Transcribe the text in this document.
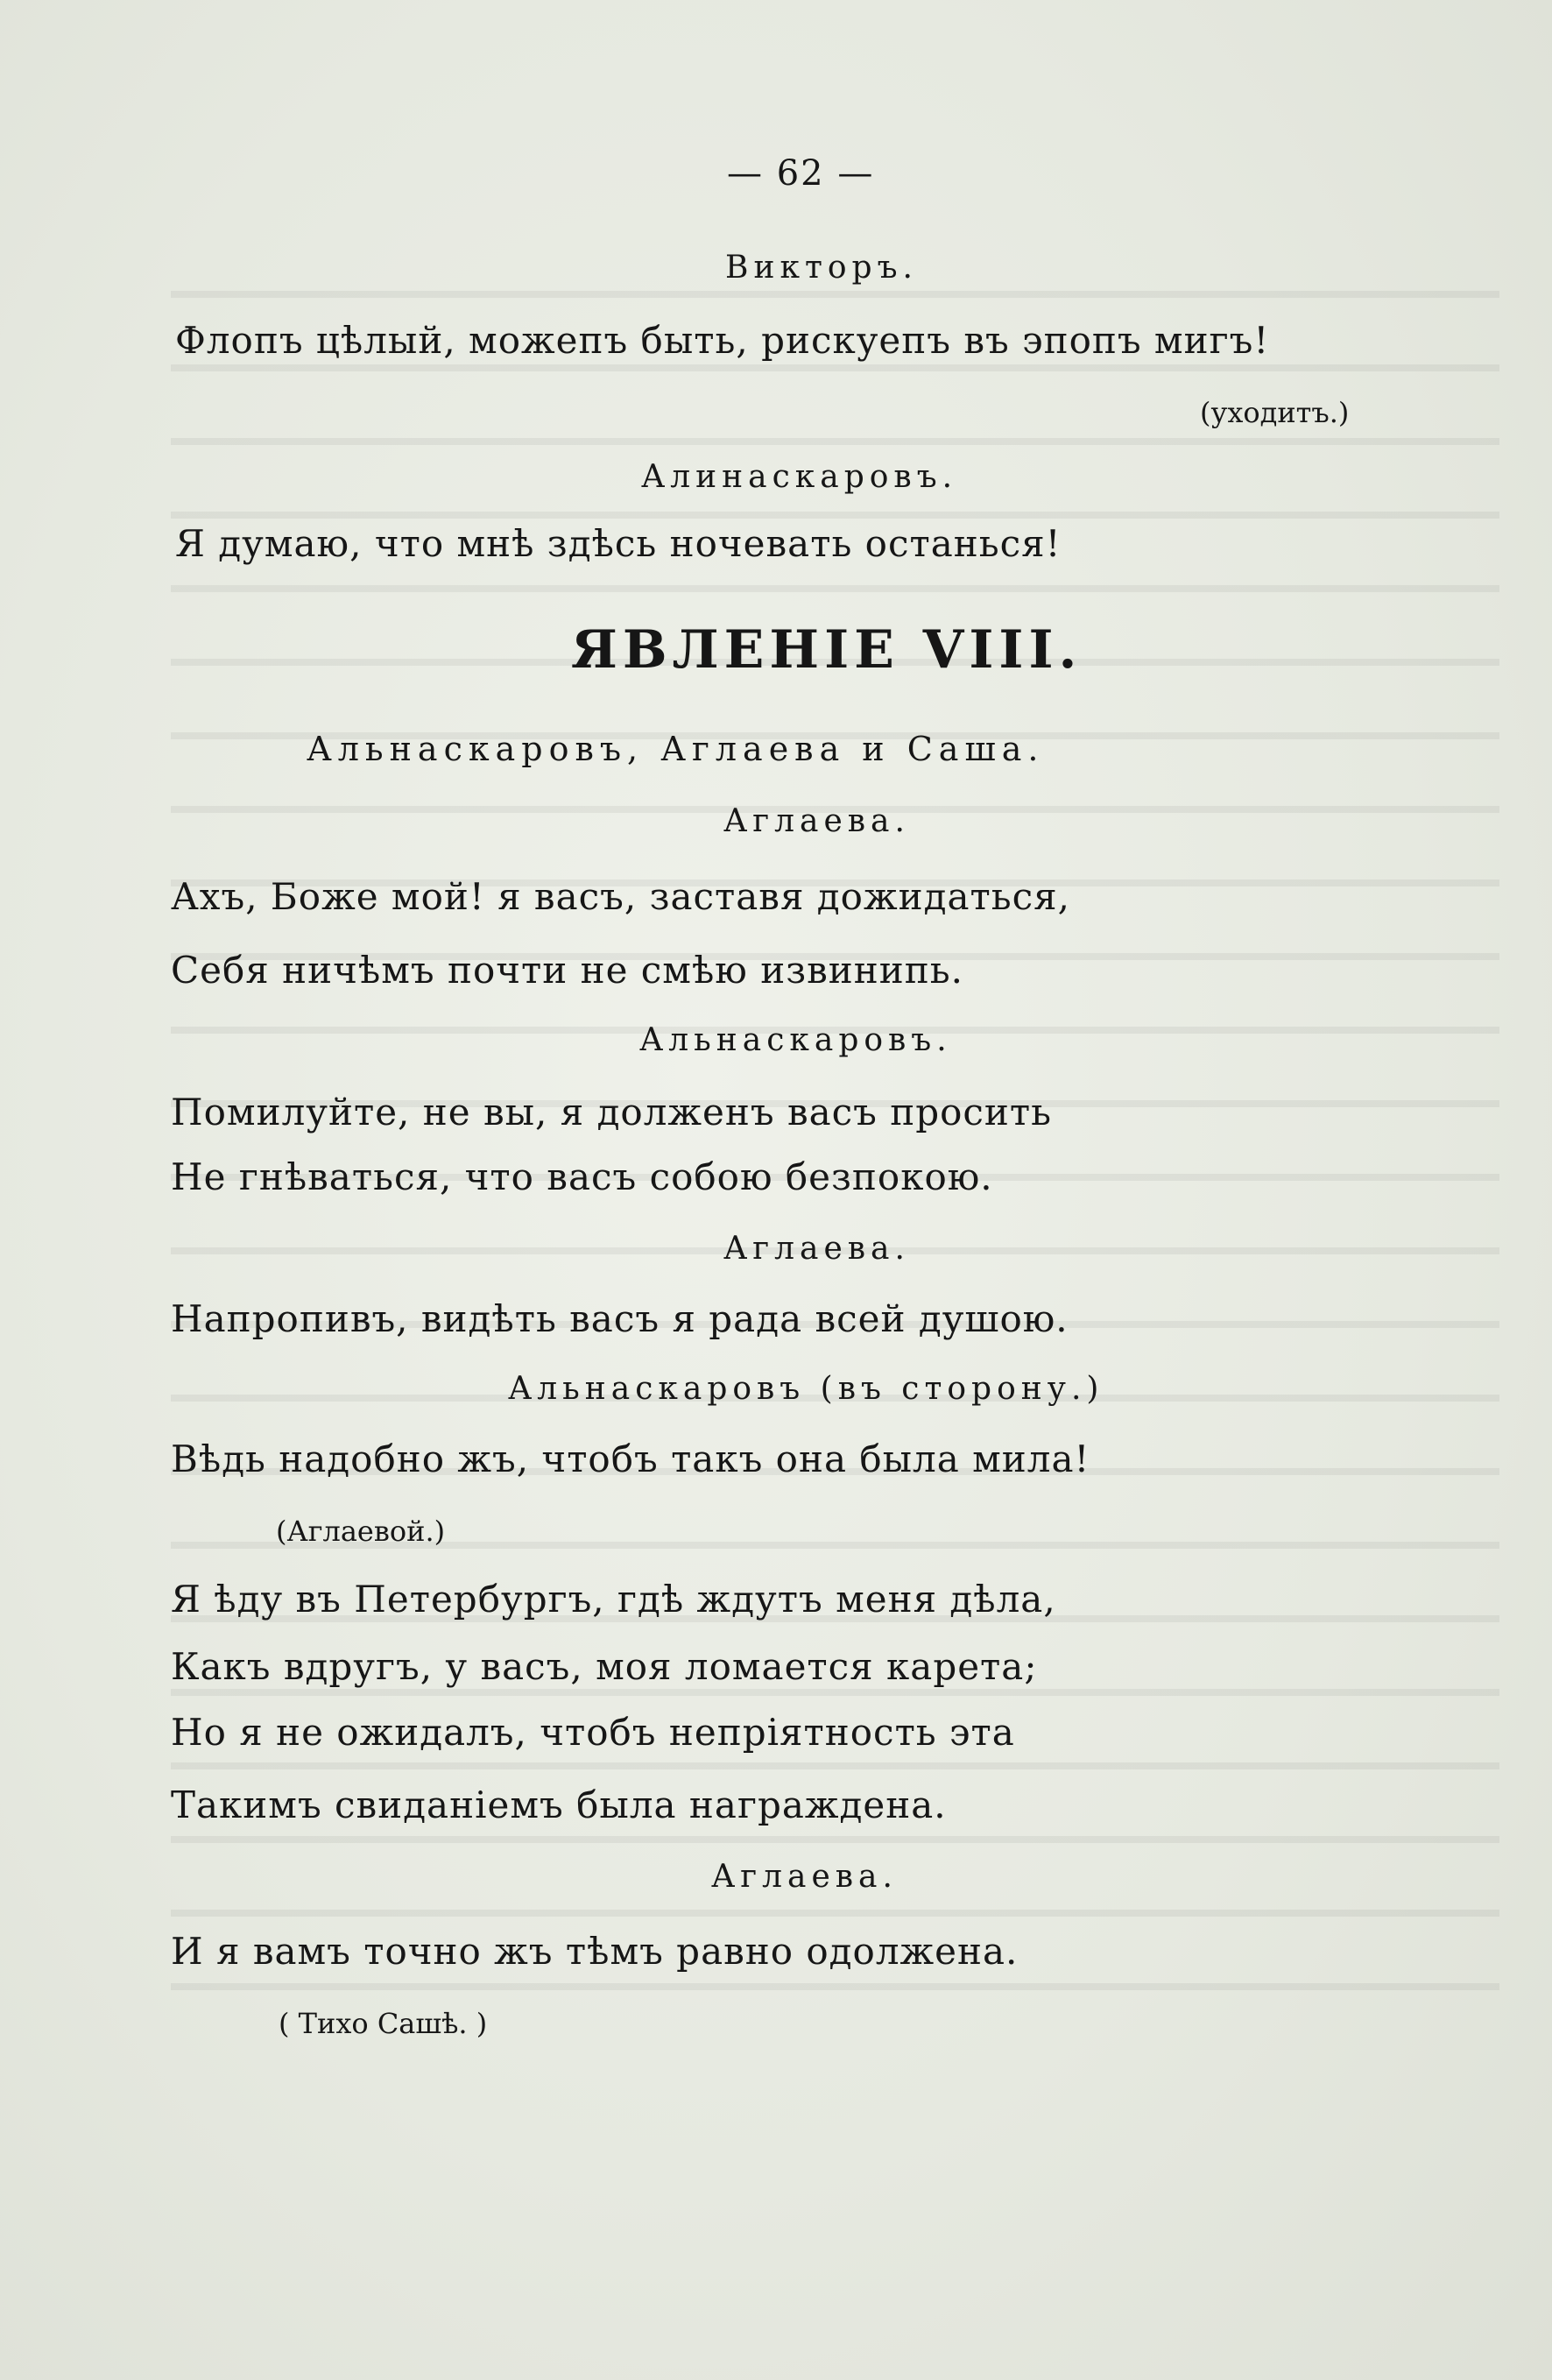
— 62 —
Викторъ.
Флопъ цѣлый, можепъ быть, рискуепъ въ эпопъ мигъ!
(уходитъ.)
Алинаскаровъ.
Я думаю, что мнѣ здѣсь ночевать останься!
ЯВЛЕНІЕ VIII.
Альнаскаровъ, Аглаева и Саша.
Аглаева.
Ахъ, Боже мой! я васъ, заставя дожидаться,
Себя ничѣмъ почти не смѣю извинипь.
Альнаскаровъ.
Помилуйте, не вы, я долженъ васъ просить
Не гнѣваться, что васъ собою безпокою.
Аглаева.
Напропивъ, видѣть васъ я рада всей душою.
Альнаскаровъ (въ сторону.)
Вѣдь надобно жъ, чтобъ такъ она была мила!
(Аглаевой.)
Я ѣду въ Петербургъ, гдѣ ждутъ меня дѣла,
Какъ вдругъ, у васъ, моя ломается карета;
Но я не ожидалъ, чтобъ непріятность эта
Такимъ свиданіемъ была награждена.
Аглаева.
И я вамъ точно жъ тѣмъ равно одолжена.
( Тихо Сашѣ. )
